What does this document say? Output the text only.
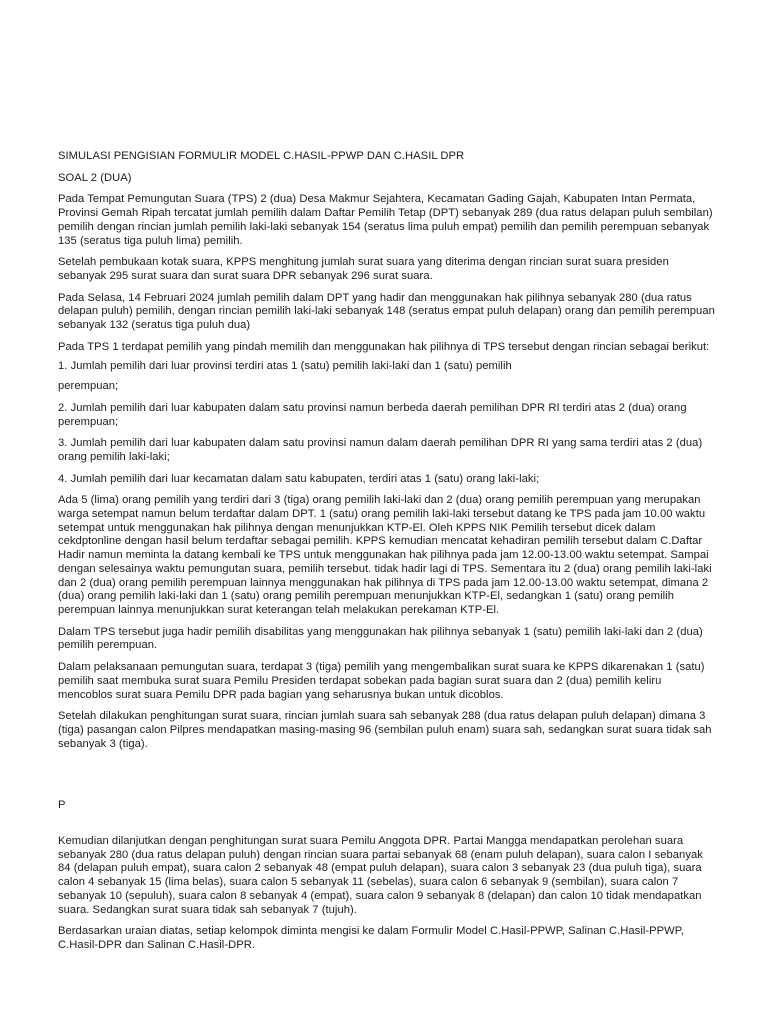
SIMULASI PENGISIAN FORMULIR MODEL C.HASIL-PPWP DAN C.HASIL DPR

SOAL 2 (DUA)

Pada Tempat Pemungutan Suara (TPS) 2 (dua) Desa Makmur Sejahtera, Kecamatan Gading Gajah, Kabupaten Intan Permata, Provinsi Gemah Ripah tercatat jumlah pemilih dalam Daftar Pemilih Tetap (DPT) sebanyak 289 (dua ratus delapan puluh sembilan) pemilih dengan rincian jumlah pemilih laki-laki sebanyak 154 (seratus lima puluh empat) pemilih dan pemilih perempuan sebanyak 135 (seratus tiga puluh lima) pemilih.

Setelah pembukaan kotak suara, KPPS menghitung jumlah surat suara yang diterima dengan rincian surat suara presiden sebanyak 295 surat suara dan surat suara DPR sebanyak 296 surat suara.

Pada Selasa, 14 Februari 2024 jumlah pemilih dalam DPT yang hadir dan menggunakan hak pilihnya sebanyak 280 (dua ratus delapan puluh) pemilih, dengan rincian pemilih laki-laki sebanyak 148 (seratus empat puluh delapan) orang dan pemilih perempuan sebanyak 132 (seratus tiga puluh dua)

Pada TPS 1 terdapat pemilih yang pindah memilih dan menggunakan hak pilihnya di TPS tersebut dengan rincian sebagai berikut:

1. Jumlah pemilih dari luar provinsi terdiri atas 1 (satu) pemilih laki-laki dan 1 (satu) pemilih

perempuan;

2. Jumlah pemilih dari luar kabupaten dalam satu provinsi namun berbeda daerah pemilihan DPR RI terdiri atas 2 (dua) orang perempuan;

3. Jumlah pemilih dari luar kabupaten dalam satu provinsi namun dalam daerah pemilihan DPR RI yang sama terdiri atas 2 (dua) orang pemilih laki-laki;

4. Jumlah pemilih dari luar kecamatan dalam satu kabupaten, terdiri atas 1 (satu) orang laki-laki;

Ada 5 (lima) orang pemilih yang terdiri dari 3 (tiga) orang pemilih laki-laki dan 2 (dua) orang pemilih perempuan yang merupakan warga setempat namun belum terdaftar dalam DPT. 1 (satu) orang pemilih laki-laki tersebut datang ke TPS pada jam 10.00 waktu setempat untuk menggunakan hak pilihnya dengan menunjukkan KTP-El. Oleh KPPS NIK Pemilih tersebut dicek dalam cekdptonline dengan hasil belum terdaftar sebagai pemilih. KPPS kemudian mencatat kehadiran pemilih tersebut dalam C.Daftar Hadir namun meminta la datang kembali ke TPS untuk menggunakan hak pilihnya pada jam 12.00-13.00 waktu setempat. Sampai dengan selesainya waktu pemungutan suara, pemilih tersebut. tidak hadir lagi di TPS. Sementara itu 2 (dua) orang pemilih laki-laki dan 2 (dua) orang pemilih perempuan lainnya menggunakan hak pilihnya di TPS pada jam 12.00-13.00 waktu setempat, dimana 2 (dua) orang pemilih laki-laki dan 1 (satu) orang pemilih perempuan menunjukkan KTP-El, sedangkan 1 (satu) orang pemilih perempuan lainnya menunjukkan surat keterangan telah melakukan perekaman KTP-El.

Dalam TPS tersebut juga hadir pemilih disabilitas yang menggunakan hak pilihnya sebanyak 1 (satu) pemilih laki-laki dan 2 (dua) pemilih perempuan.

Dalam pelaksanaan pemungutan suara, terdapat 3 (tiga) pemilih yang mengembalikan surat suara ke KPPS dikarenakan 1 (satu) pemilih saat membuka surat suara Pemilu Presiden terdapat sobekan pada bagian surat suara dan 2 (dua) pemilih keliru mencoblos surat suara Pemilu DPR pada bagian yang seharusnya bukan untuk dicoblos.

Setelah dilakukan penghitungan surat suara, rincian jumlah suara sah sebanyak 288 (dua ratus delapan puluh delapan) dimana 3 (tiga) pasangan calon Pilpres mendapatkan masing-masing 96 (sembilan puluh enam) suara sah, sedangkan surat suara tidak sah sebanyak 3 (tiga).

P

Kemudian dilanjutkan dengan penghitungan surat suara Pemilu Anggota DPR. Partai Mangga mendapatkan perolehan suara sebanyak 280 (dua ratus delapan puluh) dengan rincian suara partai sebanyak 68 (enam puluh delapan), suara calon I sebanyak 84 (delapan puluh empat), suara calon 2 sebanyak 48 (empat puluh delapan), suara calon 3 sebanyak 23 (dua puluh tiga), suara calon 4 sebanyak 15 (lima belas), suara calon 5 sebanyak 11 (sebelas), suara calon 6 sebanyak 9 (sembilan), suara calon 7 sebanyak 10 (sepuluh), suara calon 8 sebanyak 4 (empat), suara calon 9 sebanyak 8 (delapan) dan calon 10 tidak mendapatkan suara. Sedangkan surat suara tidak sah sebanyak 7 (tujuh).

Berdasarkan uraian diatas, setiap kelompok diminta mengisi ke dalam Formulir Model C.Hasil-PPWP, Salinan C.Hasil-PPWP, C.Hasil-DPR dan Salinan C.Hasil-DPR.
